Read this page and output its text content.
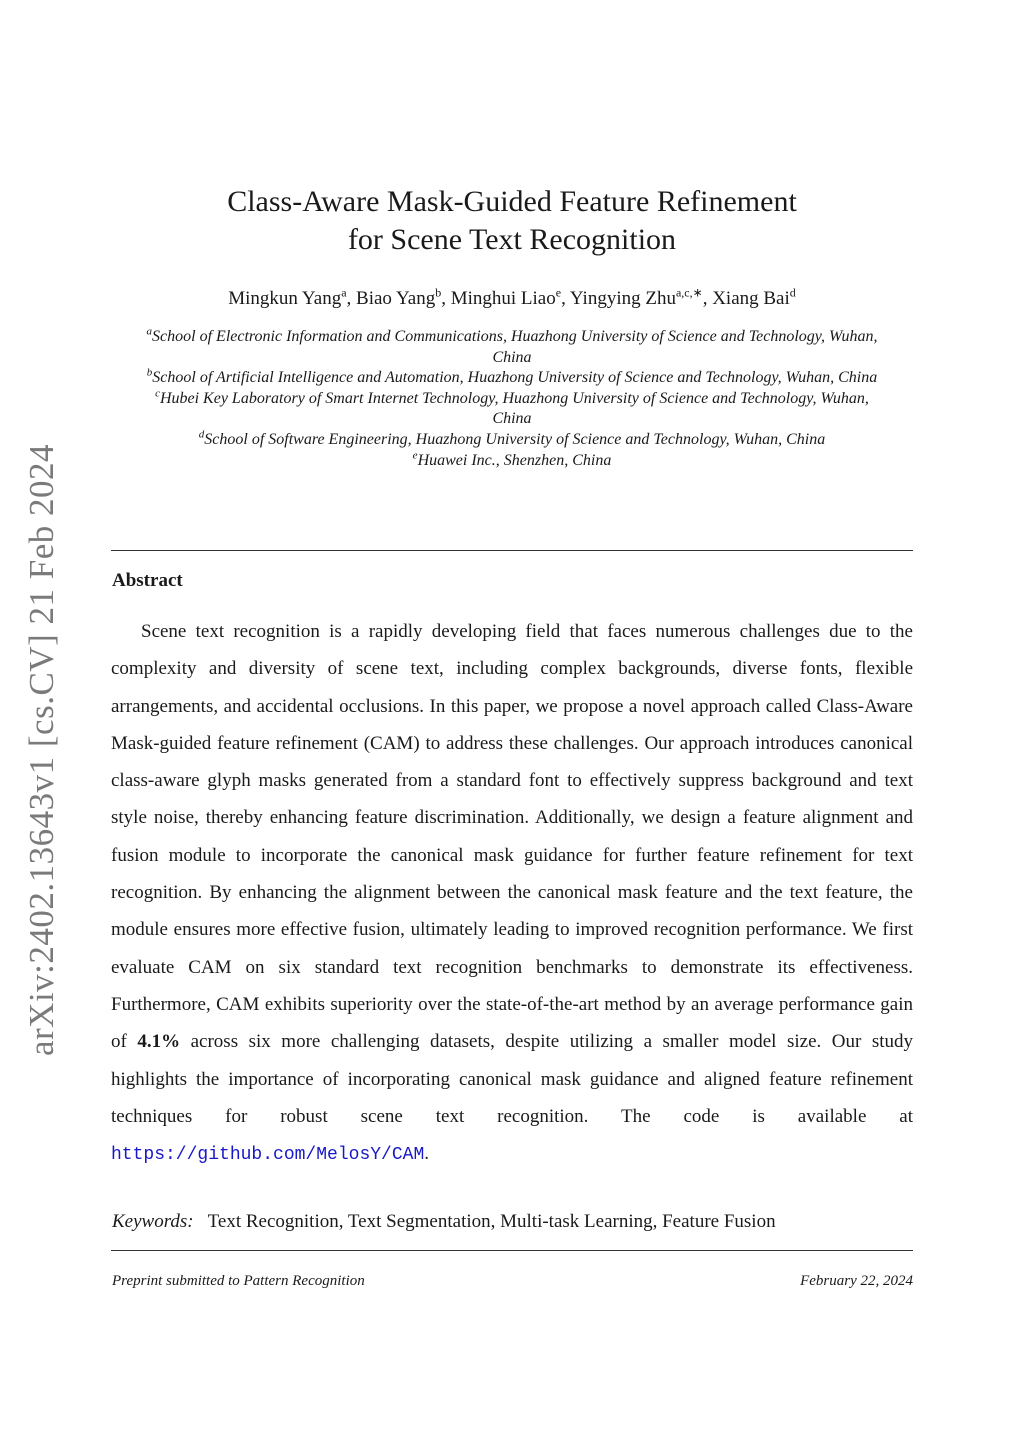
arXiv:2402.13643v1 [cs.CV] 21 Feb 2024
Class-Aware Mask-Guided Feature Refinement
for Scene Text Recognition
Mingkun Yang$^a$, Biao Yang$^b$, Minghui Liao$^e$, Yingying Zhu$^{a,c,∗}$, Xiang Bai$^d$
$^a$School of Electronic Information and Communications, Huazhong University of Science and Technology, Wuhan, China
$^b$School of Artificial Intelligence and Automation, Huazhong University of Science and Technology, Wuhan, China
$^c$Hubei Key Laboratory of Smart Internet Technology, Huazhong University of Science and Technology, Wuhan, China
$^d$School of Software Engineering, Huazhong University of Science and Technology, Wuhan, China
$^e$Huawei Inc., Shenzhen, China
Abstract

Scene text recognition is a rapidly developing field that faces numerous challenges due to the complexity and diversity of scene text, including complex backgrounds, diverse fonts, flexible arrangements, and accidental occlusions. In this paper, we propose a novel approach called Class-Aware Mask-guided feature refinement (CAM) to address these challenges. Our approach introduces canonical class-aware glyph masks generated from a standard font to effectively suppress background and text style noise, thereby enhancing feature discrimination. Additionally, we design a feature alignment and fusion module to incorporate the canonical mask guidance for further feature refinement for text recognition. By enhancing the alignment between the canonical mask feature and the text feature, the module ensures more effective fusion, ultimately leading to improved recognition performance. We first evaluate CAM on six standard text recognition benchmarks to demonstrate its effectiveness. Furthermore, CAM exhibits superiority over the state-of-the-art method by an average performance gain of 4.1% across six more challenging datasets, despite utilizing a smaller model size. Our study highlights the importance of incorporating canonical mask guidance and aligned feature refinement techniques for robust scene text recognition. The code is available at https://github.com/MelosY/CAM.

Keywords: Text Recognition, Text Segmentation, Multi-task Learning, Feature Fusion
Preprint submitted to Pattern Recognition	February 22, 2024
